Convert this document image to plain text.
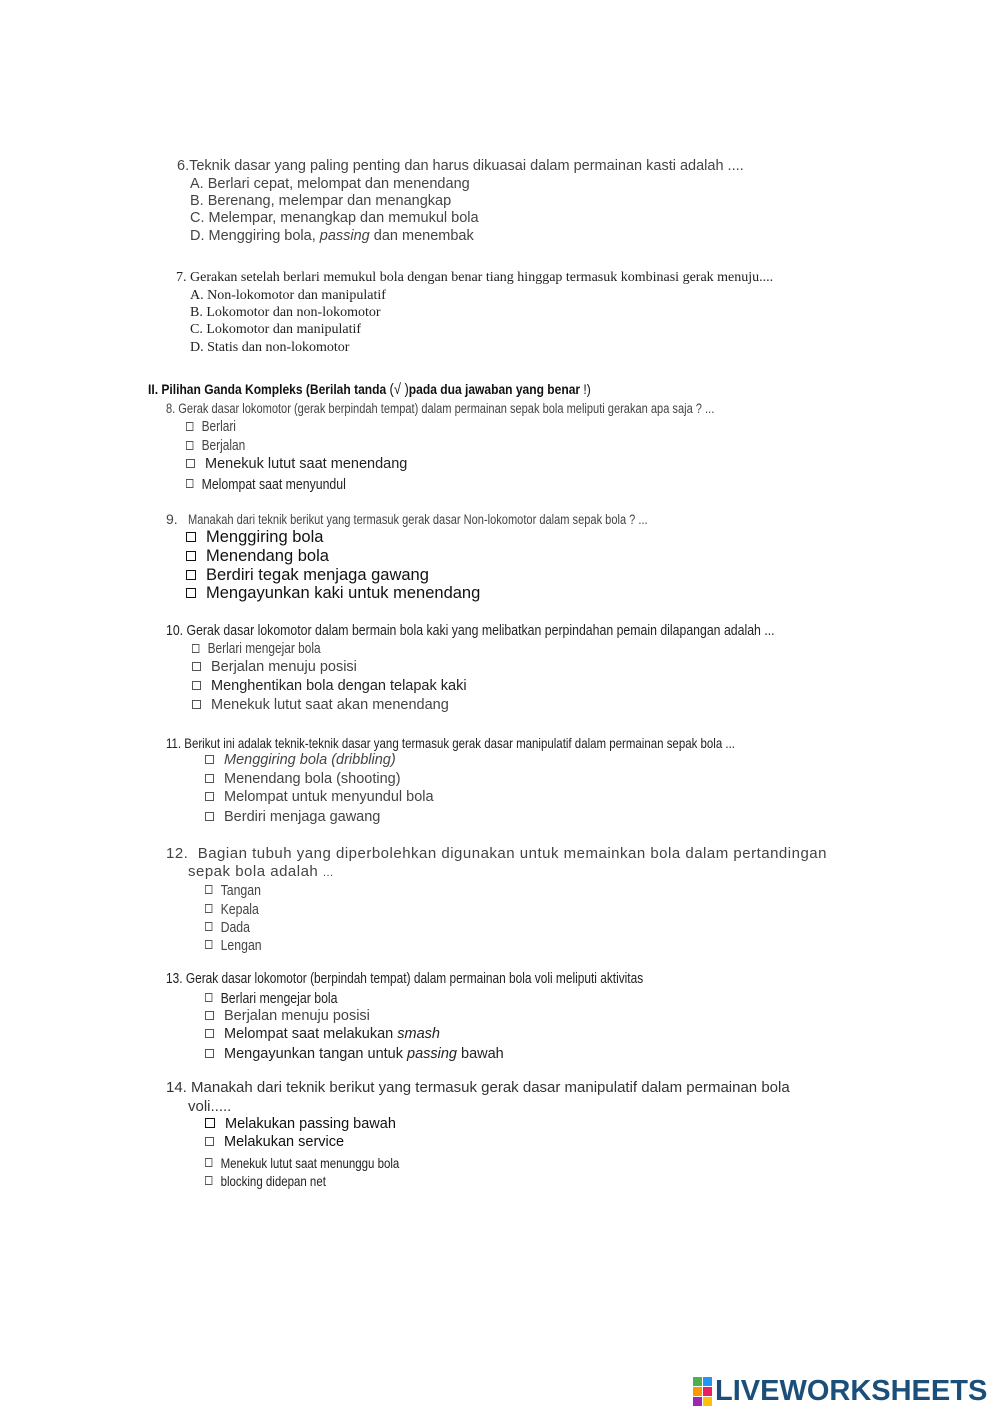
6.Teknik dasar yang paling penting dan harus dikuasai dalam permainan kasti adalah ....
A. Berlari cepat, melompat dan menendang
B. Berenang, melempar dan menangkap
C. Melempar, menangkap dan memukul bola
D. Menggiring bola, passing dan menembak
7. Gerakan setelah berlari memukul bola dengan benar tiang hinggap termasuk kombinasi gerak menuju....
A. Non-lokomotor dan manipulatif
B. Lokomotor dan non-lokomotor
C. Lokomotor dan manipulatif
D. Statis dan non-lokomotor
II. Pilihan Ganda Kompleks (Berilah tanda (√ )pada dua jawaban yang benar !)
8. Gerak dasar lokomotor (gerak berpindah tempat) dalam permainan sepak bola meliputi gerakan apa saja ? ...
Berlari
Berjalan
Menekuk lutut saat menendang
Melompat saat menyundul
9. Manakah dari teknik berikut yang termasuk gerak dasar Non-lokomotor dalam sepak bola ? ...
Menggiring bola
Menendang bola
Berdiri tegak menjaga gawang
Mengayunkan kaki untuk menendang
10. Gerak dasar lokomotor dalam bermain bola kaki yang melibatkan perpindahan pemain dilapangan adalah ...
Berlari mengejar bola
Berjalan menuju posisi
Menghentikan bola dengan telapak kaki
Menekuk lutut saat akan menendang
11. Berikut ini adalak teknik-teknik dasar yang termasuk gerak dasar manipulatif dalam permainan sepak bola ...
Menggiring bola (dribbling)
Menendang bola (shooting)
Melompat untuk menyundul bola
Berdiri menjaga gawang
12. Bagian tubuh yang diperbolehkan digunakan untuk memainkan bola dalam pertandingan
sepak bola adalah ...
Tangan
Kepala
Dada
Lengan
13. Gerak dasar lokomotor (berpindah tempat) dalam permainan bola voli meliputi aktivitas
Berlari mengejar bola
Berjalan menuju posisi
Melompat saat melakukan smash
Mengayunkan tangan untuk passing bawah
14. Manakah dari teknik berikut yang termasuk gerak dasar manipulatif dalam permainan bola
voli.....
Melakukan passing bawah
Melakukan service
Menekuk lutut saat menunggu bola
blocking didepan net
LIVEWORKSHEETS
